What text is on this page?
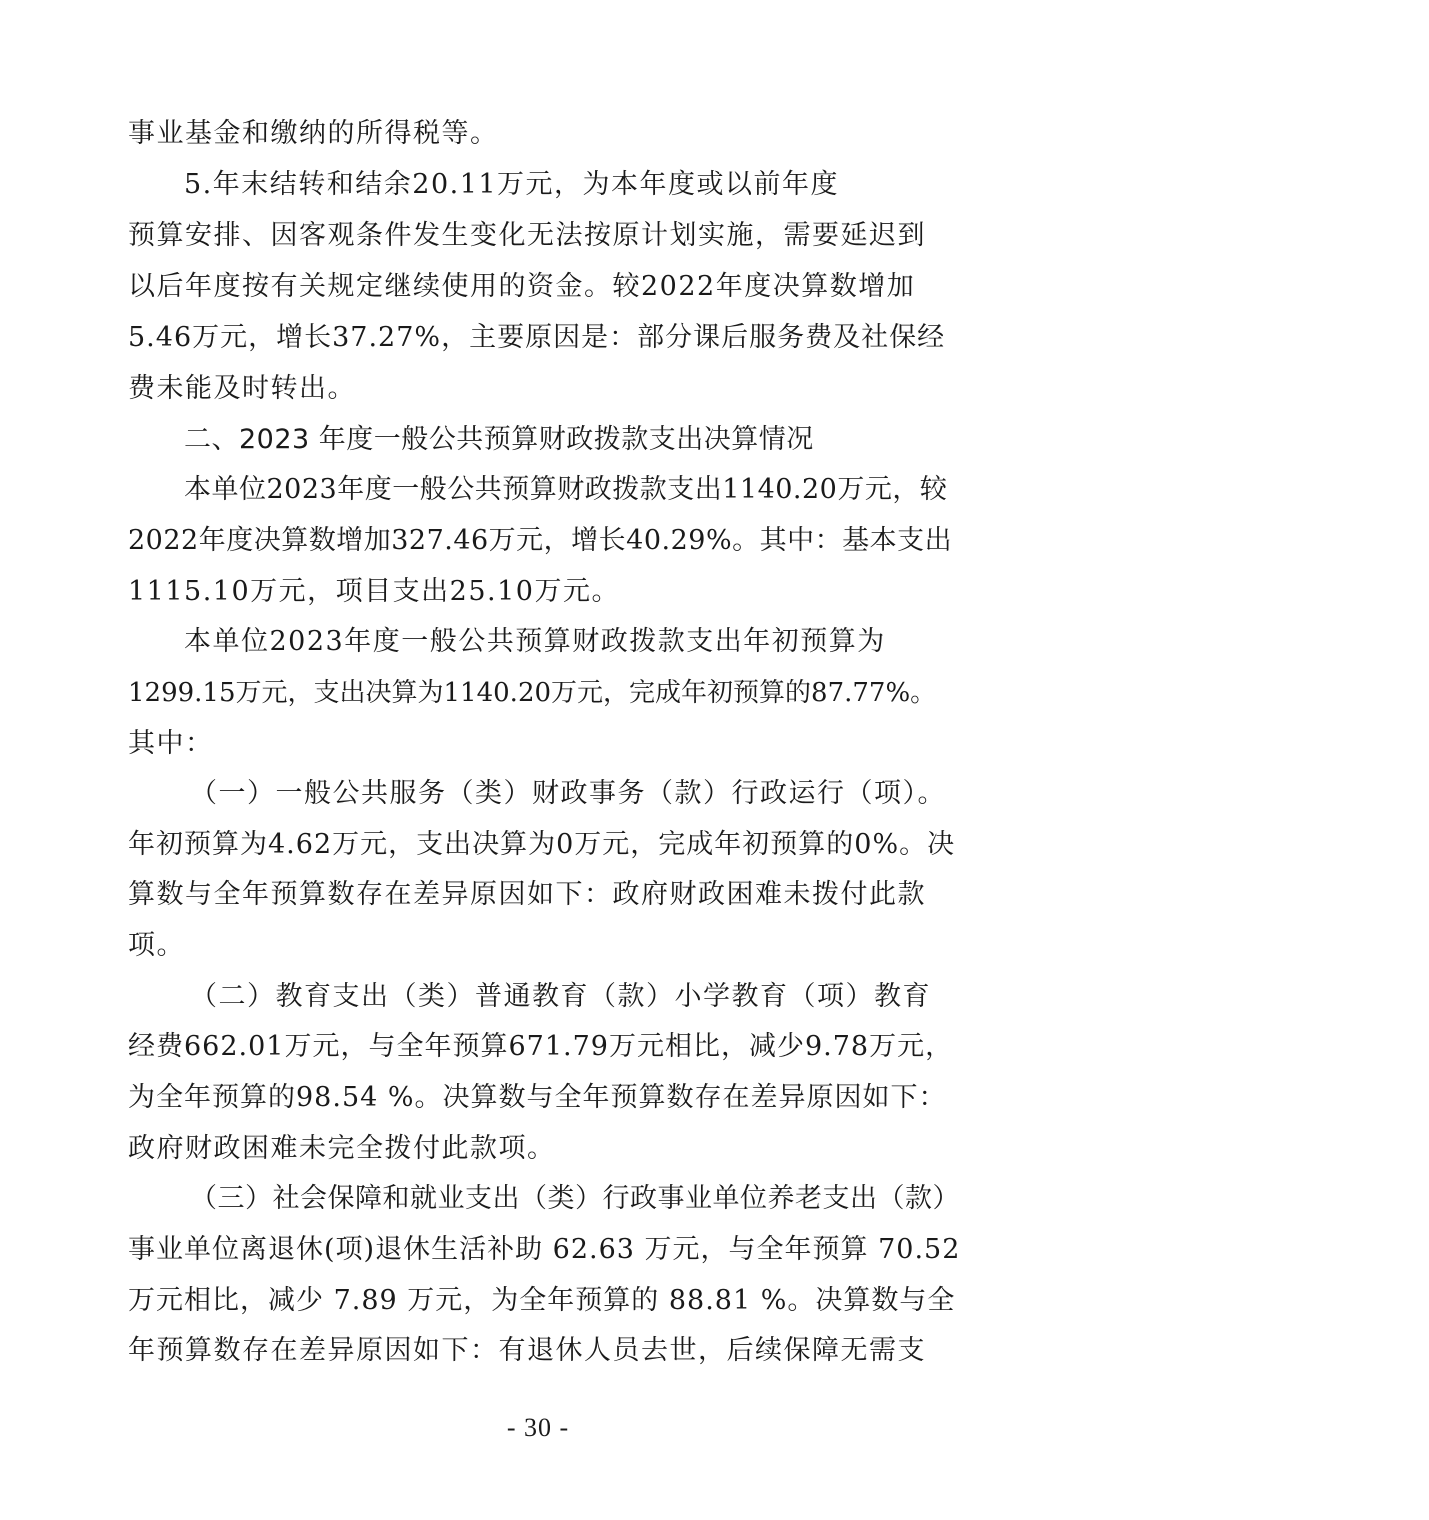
事业基金和缴纳的所得税等。
5.年末结转和结余20.11万元，为本年度或以前年度
预算安排、因客观条件发生变化无法按原计划实施，需要延迟到
以后年度按有关规定继续使用的资金。较2022年度决算数增加
5.46万元，增长37.27%，主要原因是：部分课后服务费及社保经
费未能及时转出。
二、2023 年度一般公共预算财政拨款支出决算情况
本单位2023年度一般公共预算财政拨款支出1140.20万元，较
2022年度决算数增加327.46万元，增长40.29%。其中：基本支出
1115.10万元，项目支出25.10万元。
本单位2023年度一般公共预算财政拨款支出年初预算为
1299.15万元，支出决算为1140.20万元，完成年初预算的87.77%。
其中：
（一）一般公共服务（类）财政事务（款）行政运行（项）。
年初预算为4.62万元，支出决算为0万元，完成年初预算的0%。决
算数与全年预算数存在差异原因如下：政府财政困难未拨付此款
项。
（二）教育支出（类）普通教育（款）小学教育（项）教育
经费662.01万元，与全年预算671.79万元相比，减少9.78万元，
为全年预算的98.54 %。决算数与全年预算数存在差异原因如下：
政府财政困难未完全拨付此款项。
（三）社会保障和就业支出（类）行政事业单位养老支出（款）
事业单位离退休(项)退休生活补助 62.63 万元，与全年预算 70.52
万元相比，减少 7.89 万元，为全年预算的 88.81 %。决算数与全
年预算数存在差异原因如下：有退休人员去世，后续保障无需支
- 30 -
